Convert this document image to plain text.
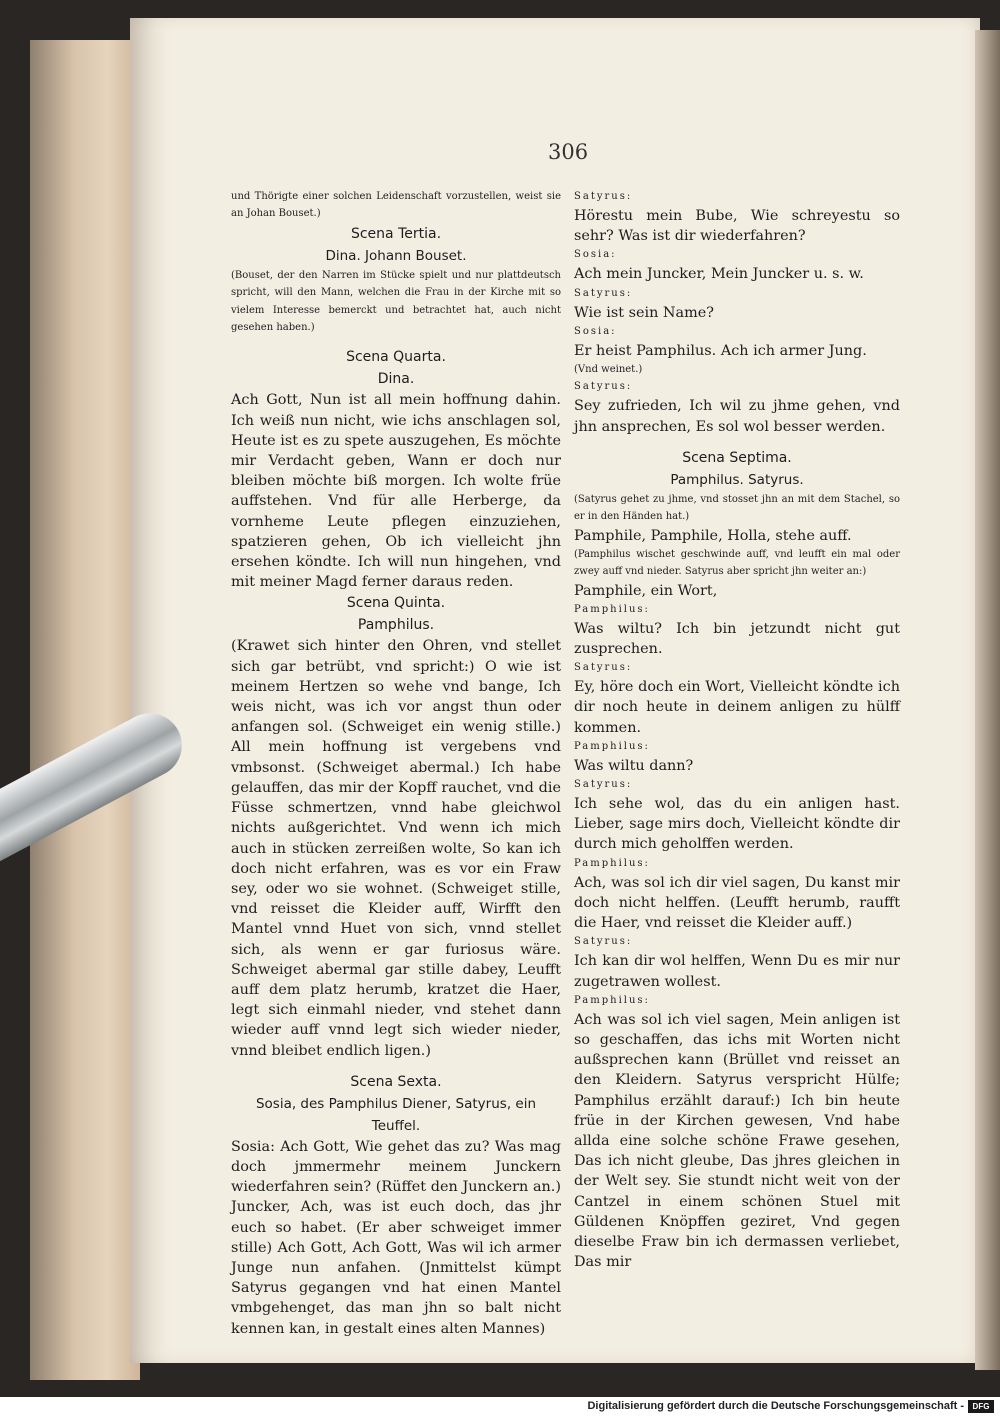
306

und Thörigte einer solchen Leidenschaft vorzustellen, weist sie an Johan Bouset.)

Scena Tertia.

Dina. Johann Bouset.

(Bouset, der den Narren im Stücke spielt und nur plattdeutsch spricht, will den Mann, welchen die Frau in der Kirche mit so vielem Interesse bemerckt und betrachtet hat, auch nicht gesehen haben.)

Scena Quarta.

Dina.

Ach Gott, Nun ist all mein hoffnung dahin. Ich weiß nun nicht, wie ichs anschlagen sol, Heute ist es zu spete auszugehen, Es möchte mir Verdacht geben, Wann er doch nur bleiben möchte biß morgen. Ich wolte früe auffstehen. Vnd für alle Herberge, da vornheme Leute pflegen einzuziehen, spatzieren gehen, Ob ich vielleicht jhn ersehen köndte. Ich will nun hingehen, vnd mit meiner Magd ferner daraus reden.

Scena Quinta.

Pamphilus.

(Krawet sich hinter den Ohren, vnd stellet sich gar betrübt, vnd spricht:) O wie ist meinem Hertzen so wehe vnd bange, Ich weis nicht, was ich vor angst thun oder anfangen sol. (Schweiget ein wenig stille.) All mein hoffnung ist vergebens vnd vmbsonst. (Schweiget abermal.) Ich habe gelauffen, das mir der Kopff rauchet, vnd die Füsse schmertzen, vnnd habe gleichwol nichts außgerichtet. Vnd wenn ich mich auch in stücken zerreißen wolte, So kan ich doch nicht erfahren, was es vor ein Fraw sey, oder wo sie wohnet. (Schweiget stille, vnd reisset die Kleider auff, Wirfft den Mantel vnnd Huet von sich, vnnd stellet sich, als wenn er gar furiosus wäre. Schweiget abermal gar stille dabey, Leufft auff dem platz herumb, kratzet die Haer, legt sich einmahl nieder, vnd stehet dann wieder auff vnnd legt sich wieder nieder, vnnd bleibet endlich ligen.)

Scena Sexta.

Sosia, des Pamphilus Diener, Satyrus, ein Teuffel.

Sosia: Ach Gott, Wie gehet das zu? Was mag doch jmmermehr meinem Junckern wiederfahren sein? (Rüffet den Junckern an.) Juncker, Ach, was ist euch doch, das jhr euch so habet. (Er aber schweiget immer stille) Ach Gott, Ach Gott, Was wil ich armer Junge nun anfahen. (Jnmittelst kümpt Satyrus gegangen vnd hat einen Mantel vmbgehenget, das man jhn so balt nicht kennen kan, in gestalt eines alten Mannes)

Satyrus:

Hörestu mein Bube, Wie schreyestu so sehr? Was ist dir wiederfahren?

Sosia:

Ach mein Juncker, Mein Juncker u. s. w.

Satyrus:

Wie ist sein Name?

Sosia:

Er heist Pamphilus. Ach ich armer Jung.

(Vnd weinet.)

Satyrus:

Sey zufrieden, Ich wil zu jhme gehen, vnd jhn ansprechen, Es sol wol besser werden.

Scena Septima.

Pamphilus. Satyrus.

(Satyrus gehet zu jhme, vnd stosset jhn an mit dem Stachel, so er in den Händen hat.)

Pamphile, Pamphile, Holla, stehe auff.

(Pamphilus wischet geschwinde auff, vnd leufft ein mal oder zwey auff vnd nieder. Satyrus aber spricht jhn weiter an:)

Pamphile, ein Wort,

Pamphilus:

Was wiltu? Ich bin jetzundt nicht gut zusprechen.

Satyrus:

Ey, höre doch ein Wort, Vielleicht köndte ich dir noch heute in deinem anligen zu hülff kommen.

Pamphilus:

Was wiltu dann?

Satyrus:

Ich sehe wol, das du ein anligen hast. Lieber, sage mirs doch, Vielleicht köndte dir durch mich geholffen werden.

Pamphilus:

Ach, was sol ich dir viel sagen, Du kanst mir doch nicht helffen. (Leufft herumb, raufft die Haer, vnd reisset die Kleider auff.)

Satyrus:

Ich kan dir wol helffen, Wenn Du es mir nur zugetrawen wollest.

Pamphilus:

Ach was sol ich viel sagen, Mein anligen ist so geschaffen, das ichs mit Worten nicht außsprechen kann (Brüllet vnd reisset an den Kleidern. Satyrus verspricht Hülfe; Pamphilus erzählt darauf:) Ich bin heute früe in der Kirchen gewesen, Vnd habe allda eine solche schöne Frawe gesehen, Das ich nicht gleube, Das jhres gleichen in der Welt sey. Sie stundt nicht weit von der Cantzel in einem schönen Stuel mit Güldenen Knöpffen geziret, Vnd gegen dieselbe Fraw bin ich dermassen verliebet, Das mir

Digitalisierung gefördert durch die Deutsche Forschungsgemeinschaft -	DFG
